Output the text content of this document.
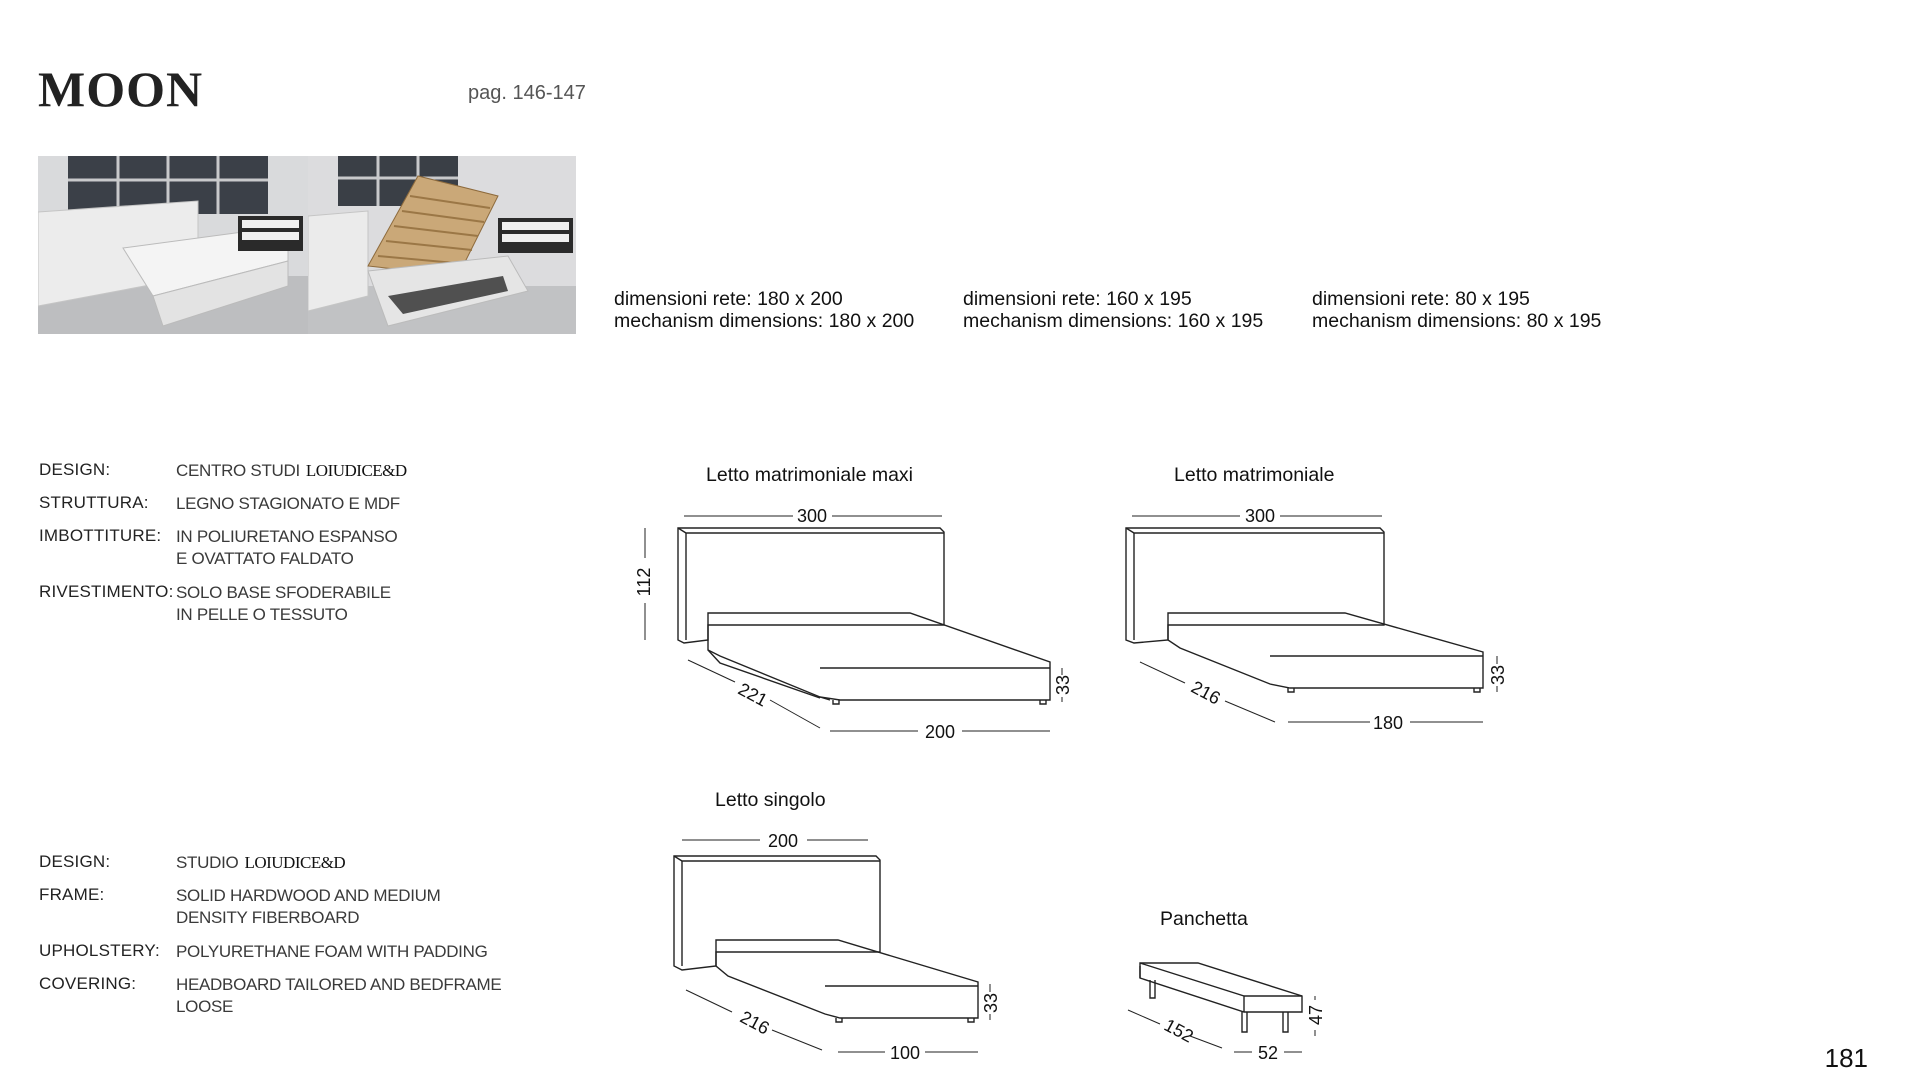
MOON	pag. 146-147
dimensioni rete: 180 x 200
mechanism dimensions: 180 x 200
dimensioni rete: 160 x 195
mechanism dimensions: 160 x 195
dimensioni rete: 80 x 195
mechanism dimensions: 80 x 195
DESIGN:	CENTRO STUDI LOIUDICE&D
STRUTTURA: LEGNO STAGIONATO E MDF
IMBOTTITURE: IN POLIURETANO ESPANSO
E OVATTATO FALDATO
RIVESTIMENTO: SOLO BASE SFODERABILE
IN PELLE O TESSUTO
DESIGN:	STUDIO LOIUDICE&D
FRAME:	SOLID HARDWOOD AND MEDIUM
DENSITY FIBERBOARD
UPHOLSTERY: POLYURETHANE FOAM WITH PADDING
COVERING: HEADBOARD TAILORED AND BEDFRAME
LOOSE
Letto matrimoniale maxi	Letto matrimoniale
Letto singolo
Panchetta
300
112
221
200
33
300
216
180
33
200
216
100
33
152
52
47
181
